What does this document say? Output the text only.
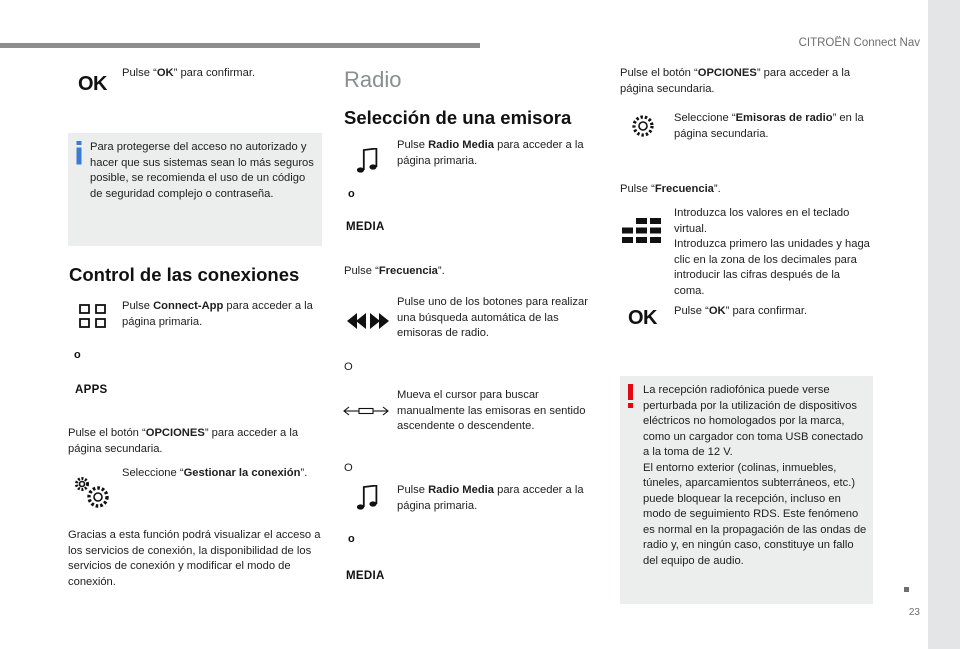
CITROËN Connect Nav
23
OK Pulse “OK” para confirmar.
Para protegerse del acceso no autorizado y hacer que sus sistemas sean lo más seguros posible, se recomienda el uso de un código de seguridad complejo o contraseña.
Control de las conexiones
Pulse Connect-App para acceder a la página primaria.
o
APPS
Pulse el botón “OPCIONES” para acceder a la página secundaria.
Seleccione “Gestionar la conexión”.
Gracias a esta función podrá visualizar el acceso a los servicios de conexión, la disponibilidad de los servicios de conexión y modificar el modo de conexión.
Radio
Selección de una emisora
Pulse Radio Media para acceder a la página primaria.
o
MEDIA
Pulse “Frecuencia”.
Pulse uno de los botones para realizar una búsqueda automática de las emisoras de radio.
O
Mueva el cursor para buscar manualmente las emisoras en sentido ascendente o descendente.
O
Pulse Radio Media para acceder a la página primaria.
o
MEDIA
Pulse el botón “OPCIONES” para acceder a la página secundaria.
Seleccione “Emisoras de radio” en la página secundaria.
Pulse “Frecuencia”.
Introduzca los valores en el teclado virtual.
Introduzca primero las unidades y haga clic en la zona de los decimales para introducir las cifras después de la coma.
OK Pulse “OK” para confirmar.
La recepción radiofónica puede verse perturbada por la utilización de dispositivos eléctricos no homologados por la marca, como un cargador con toma USB conectado a la toma de 12 V.
El entorno exterior (colinas, inmuebles, túneles, aparcamientos subterráneos, etc.) puede bloquear la recepción, incluso en modo de seguimiento RDS. Este fenómeno es normal en la propagación de las ondas de radio y, en ningún caso, constituye un fallo del equipo de audio.
